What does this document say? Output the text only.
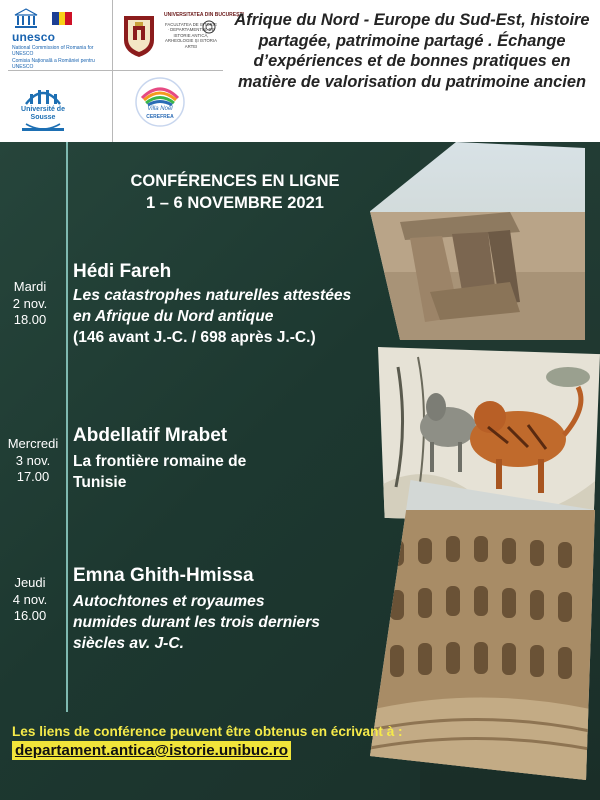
unesco
National Commission of Romania for UNESCO
Comisia Națională a României pentru UNESCO
UNIVERSITATEA DIN BUCUREȘTI
FACULTATEA DE ISTORIE · DEPARTAMENTUL DE ISTORIE ANTICĂ, ARHEOLOGIE ȘI ISTORIA ARTEI
Université de Sousse
Villa Noël
CEREFREA
Afrique du Nord - Europe du Sud-Est, histoire partagée, patrimoine partagé . Échange d’expériences et de bonnes pratiques en matière de valorisation du patrimoine ancien
CONFÉRENCES EN LIGNE
1 – 6 NOVEMBRE 2021
Mardi
2 nov.
18.00
Hédi Fareh
Les catastrophes naturelles attestées
en Afrique du Nord antique
(146 avant J.-C. / 698 après J.-C.)
Mercredi
3 nov.
17.00
Abdellatif Mrabet
La frontière romaine de
Tunisie
Jeudi
4 nov.
16.00
Emna Ghith-Hmissa
Autochtones et royaumes
numides durant les trois derniers
siècles av. J-C.

Les liens de conférence peuvent être obtenus en écrivant à :

departament.antica@istorie.unibuc.ro
